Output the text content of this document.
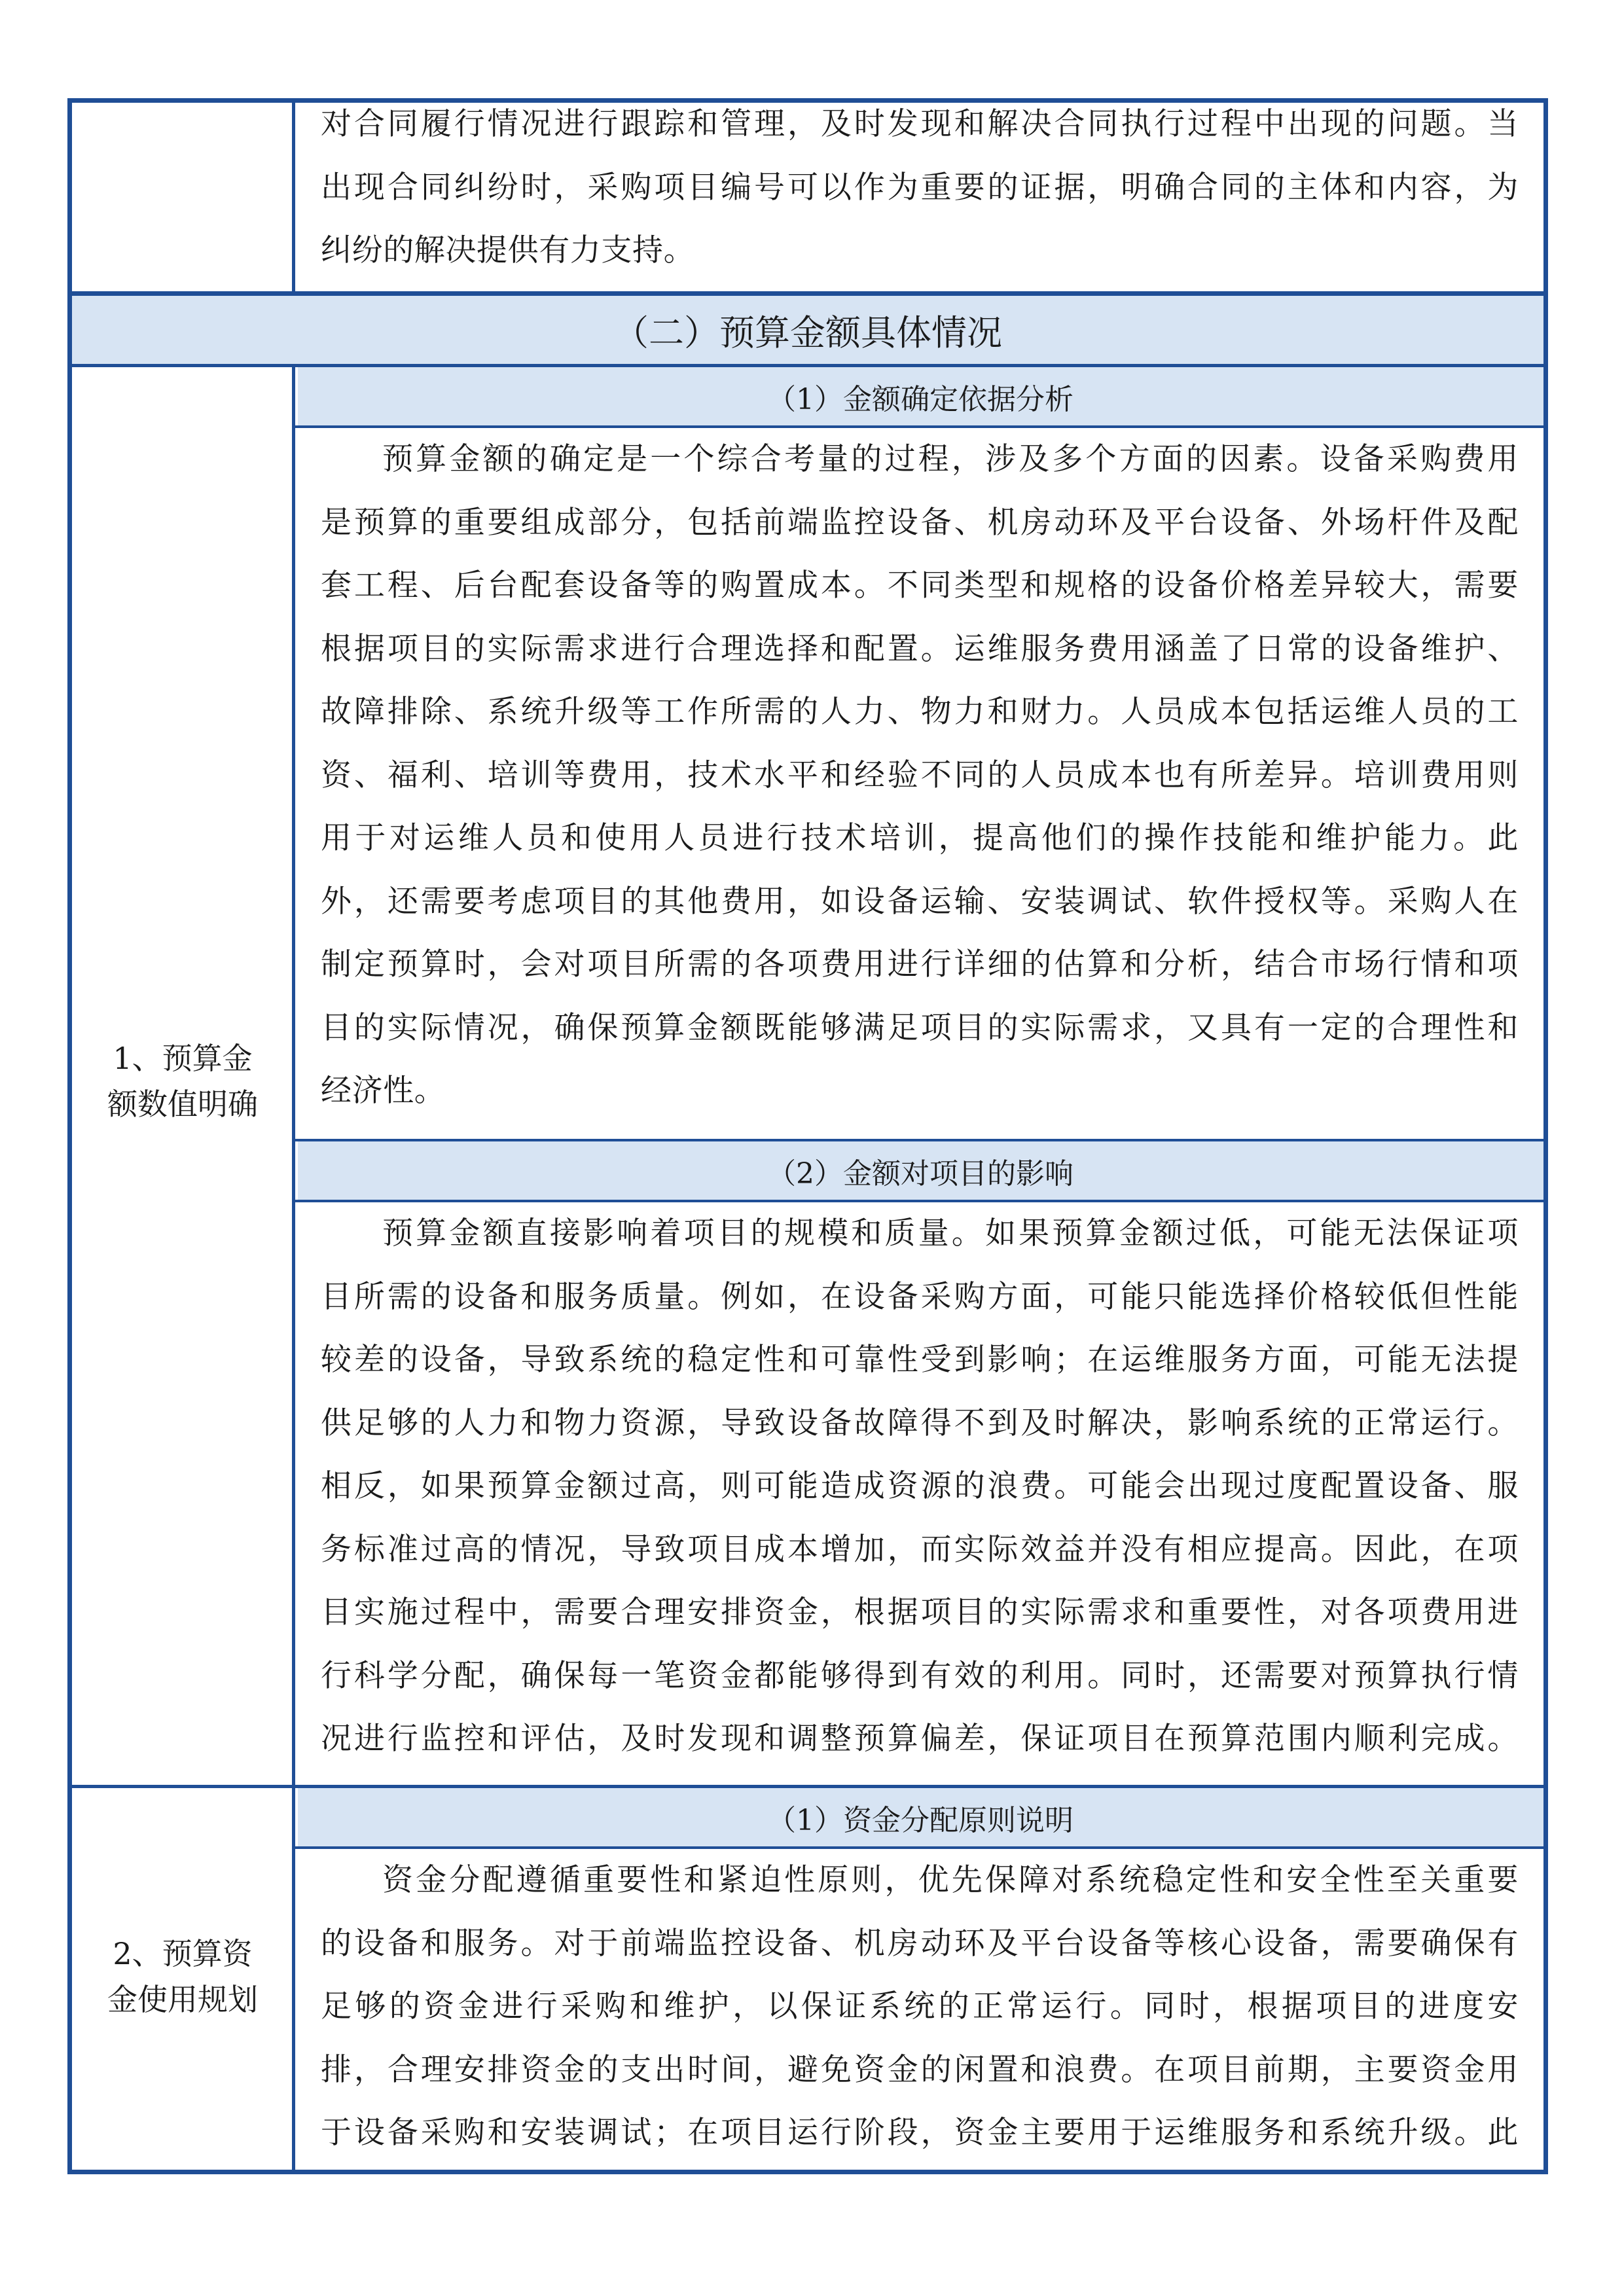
（二）预算金额具体情况
对合同履行情况进行跟踪和管理，及时发现和解决合同执行过程中出现的问题。当
出现合同纠纷时，采购项目编号可以作为重要的证据，明确合同的主体和内容，为
纠纷的解决提供有力支持。
1、预算金
额数值明确
（1）金额确定依据分析
预算金额的确定是一个综合考量的过程，涉及多个方面的因素。设备采购费用
是预算的重要组成部分，包括前端监控设备、机房动环及平台设备、外场杆件及配
套工程、后台配套设备等的购置成本。不同类型和规格的设备价格差异较大，需要
根据项目的实际需求进行合理选择和配置。运维服务费用涵盖了日常的设备维护、
故障排除、系统升级等工作所需的人力、物力和财力。人员成本包括运维人员的工
资、福利、培训等费用，技术水平和经验不同的人员成本也有所差异。培训费用则
用于对运维人员和使用人员进行技术培训，提高他们的操作技能和维护能力。此
外，还需要考虑项目的其他费用，如设备运输、安装调试、软件授权等。采购人在
制定预算时，会对项目所需的各项费用进行详细的估算和分析，结合市场行情和项
目的实际情况，确保预算金额既能够满足项目的实际需求，又具有一定的合理性和
经济性。
（2）金额对项目的影响
预算金额直接影响着项目的规模和质量。如果预算金额过低，可能无法保证项
目所需的设备和服务质量。例如，在设备采购方面，可能只能选择价格较低但性能
较差的设备，导致系统的稳定性和可靠性受到影响；在运维服务方面，可能无法提
供足够的人力和物力资源，导致设备故障得不到及时解决，影响系统的正常运行。
相反，如果预算金额过高，则可能造成资源的浪费。可能会出现过度配置设备、服
务标准过高的情况，导致项目成本增加，而实际效益并没有相应提高。因此，在项
目实施过程中，需要合理安排资金，根据项目的实际需求和重要性，对各项费用进
行科学分配，确保每一笔资金都能够得到有效的利用。同时，还需要对预算执行情
况进行监控和评估，及时发现和调整预算偏差，保证项目在预算范围内顺利完成。
2、预算资
金使用规划
（1）资金分配原则说明
资金分配遵循重要性和紧迫性原则，优先保障对系统稳定性和安全性至关重要
的设备和服务。对于前端监控设备、机房动环及平台设备等核心设备，需要确保有
足够的资金进行采购和维护，以保证系统的正常运行。同时，根据项目的进度安
排，合理安排资金的支出时间，避免资金的闲置和浪费。在项目前期，主要资金用
于设备采购和安装调试；在项目运行阶段，资金主要用于运维服务和系统升级。此
